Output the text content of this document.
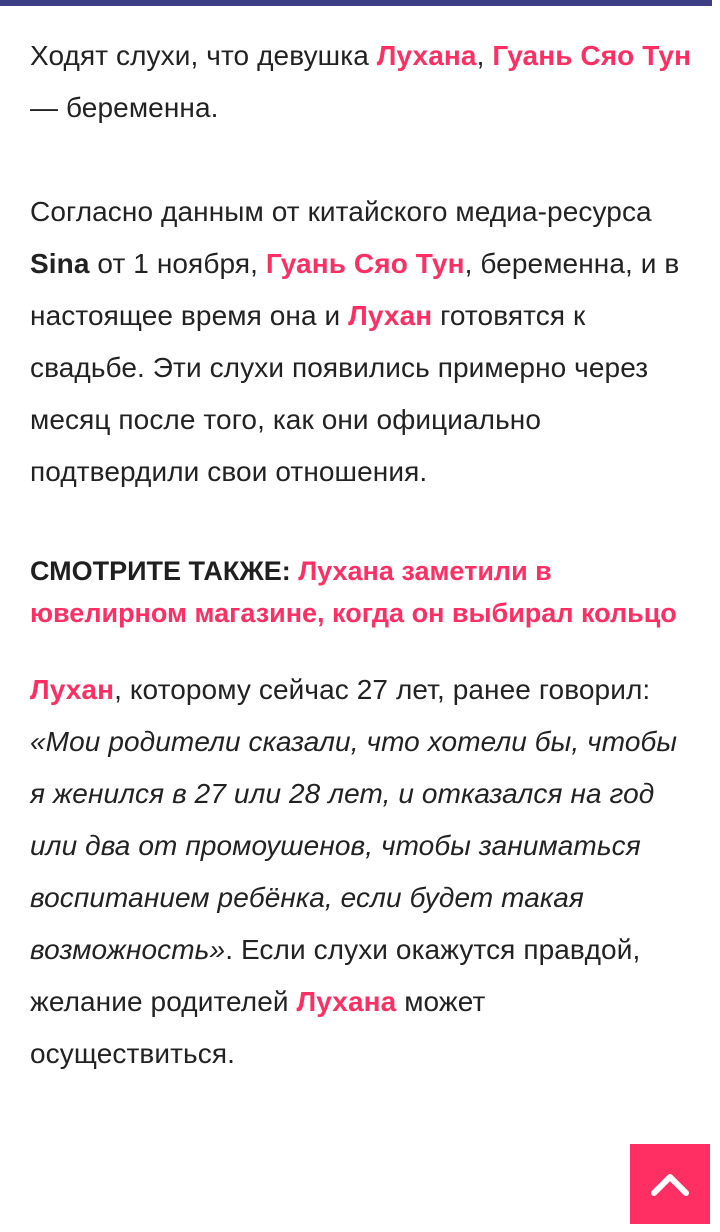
Ходят слухи, что девушка Лухана, Гуань Сяо Тун — беременна.

Согласно данным от китайского медиа-ресурса Sina от 1 ноября, Гуань Сяо Тун, беременна, и в настоящее время она и Лухан готовятся к свадьбе. Эти слухи появились примерно через месяц после того, как они официально подтвердили свои отношения.

СМОТРИТЕ ТАКЖЕ: Лухана заметили в ювелирном магазине, когда он выбирал кольцо

Лухан, которому сейчас 27 лет, ранее говорил: «Мои родители сказали, что хотели бы, чтобы я женился в 27 или 28 лет, и отказался на год или два от промоушенов, чтобы заниматься воспитанием ребёнка, если будет такая возможность». Если слухи окажутся правдой, желание родителей Лухана может осуществиться.
